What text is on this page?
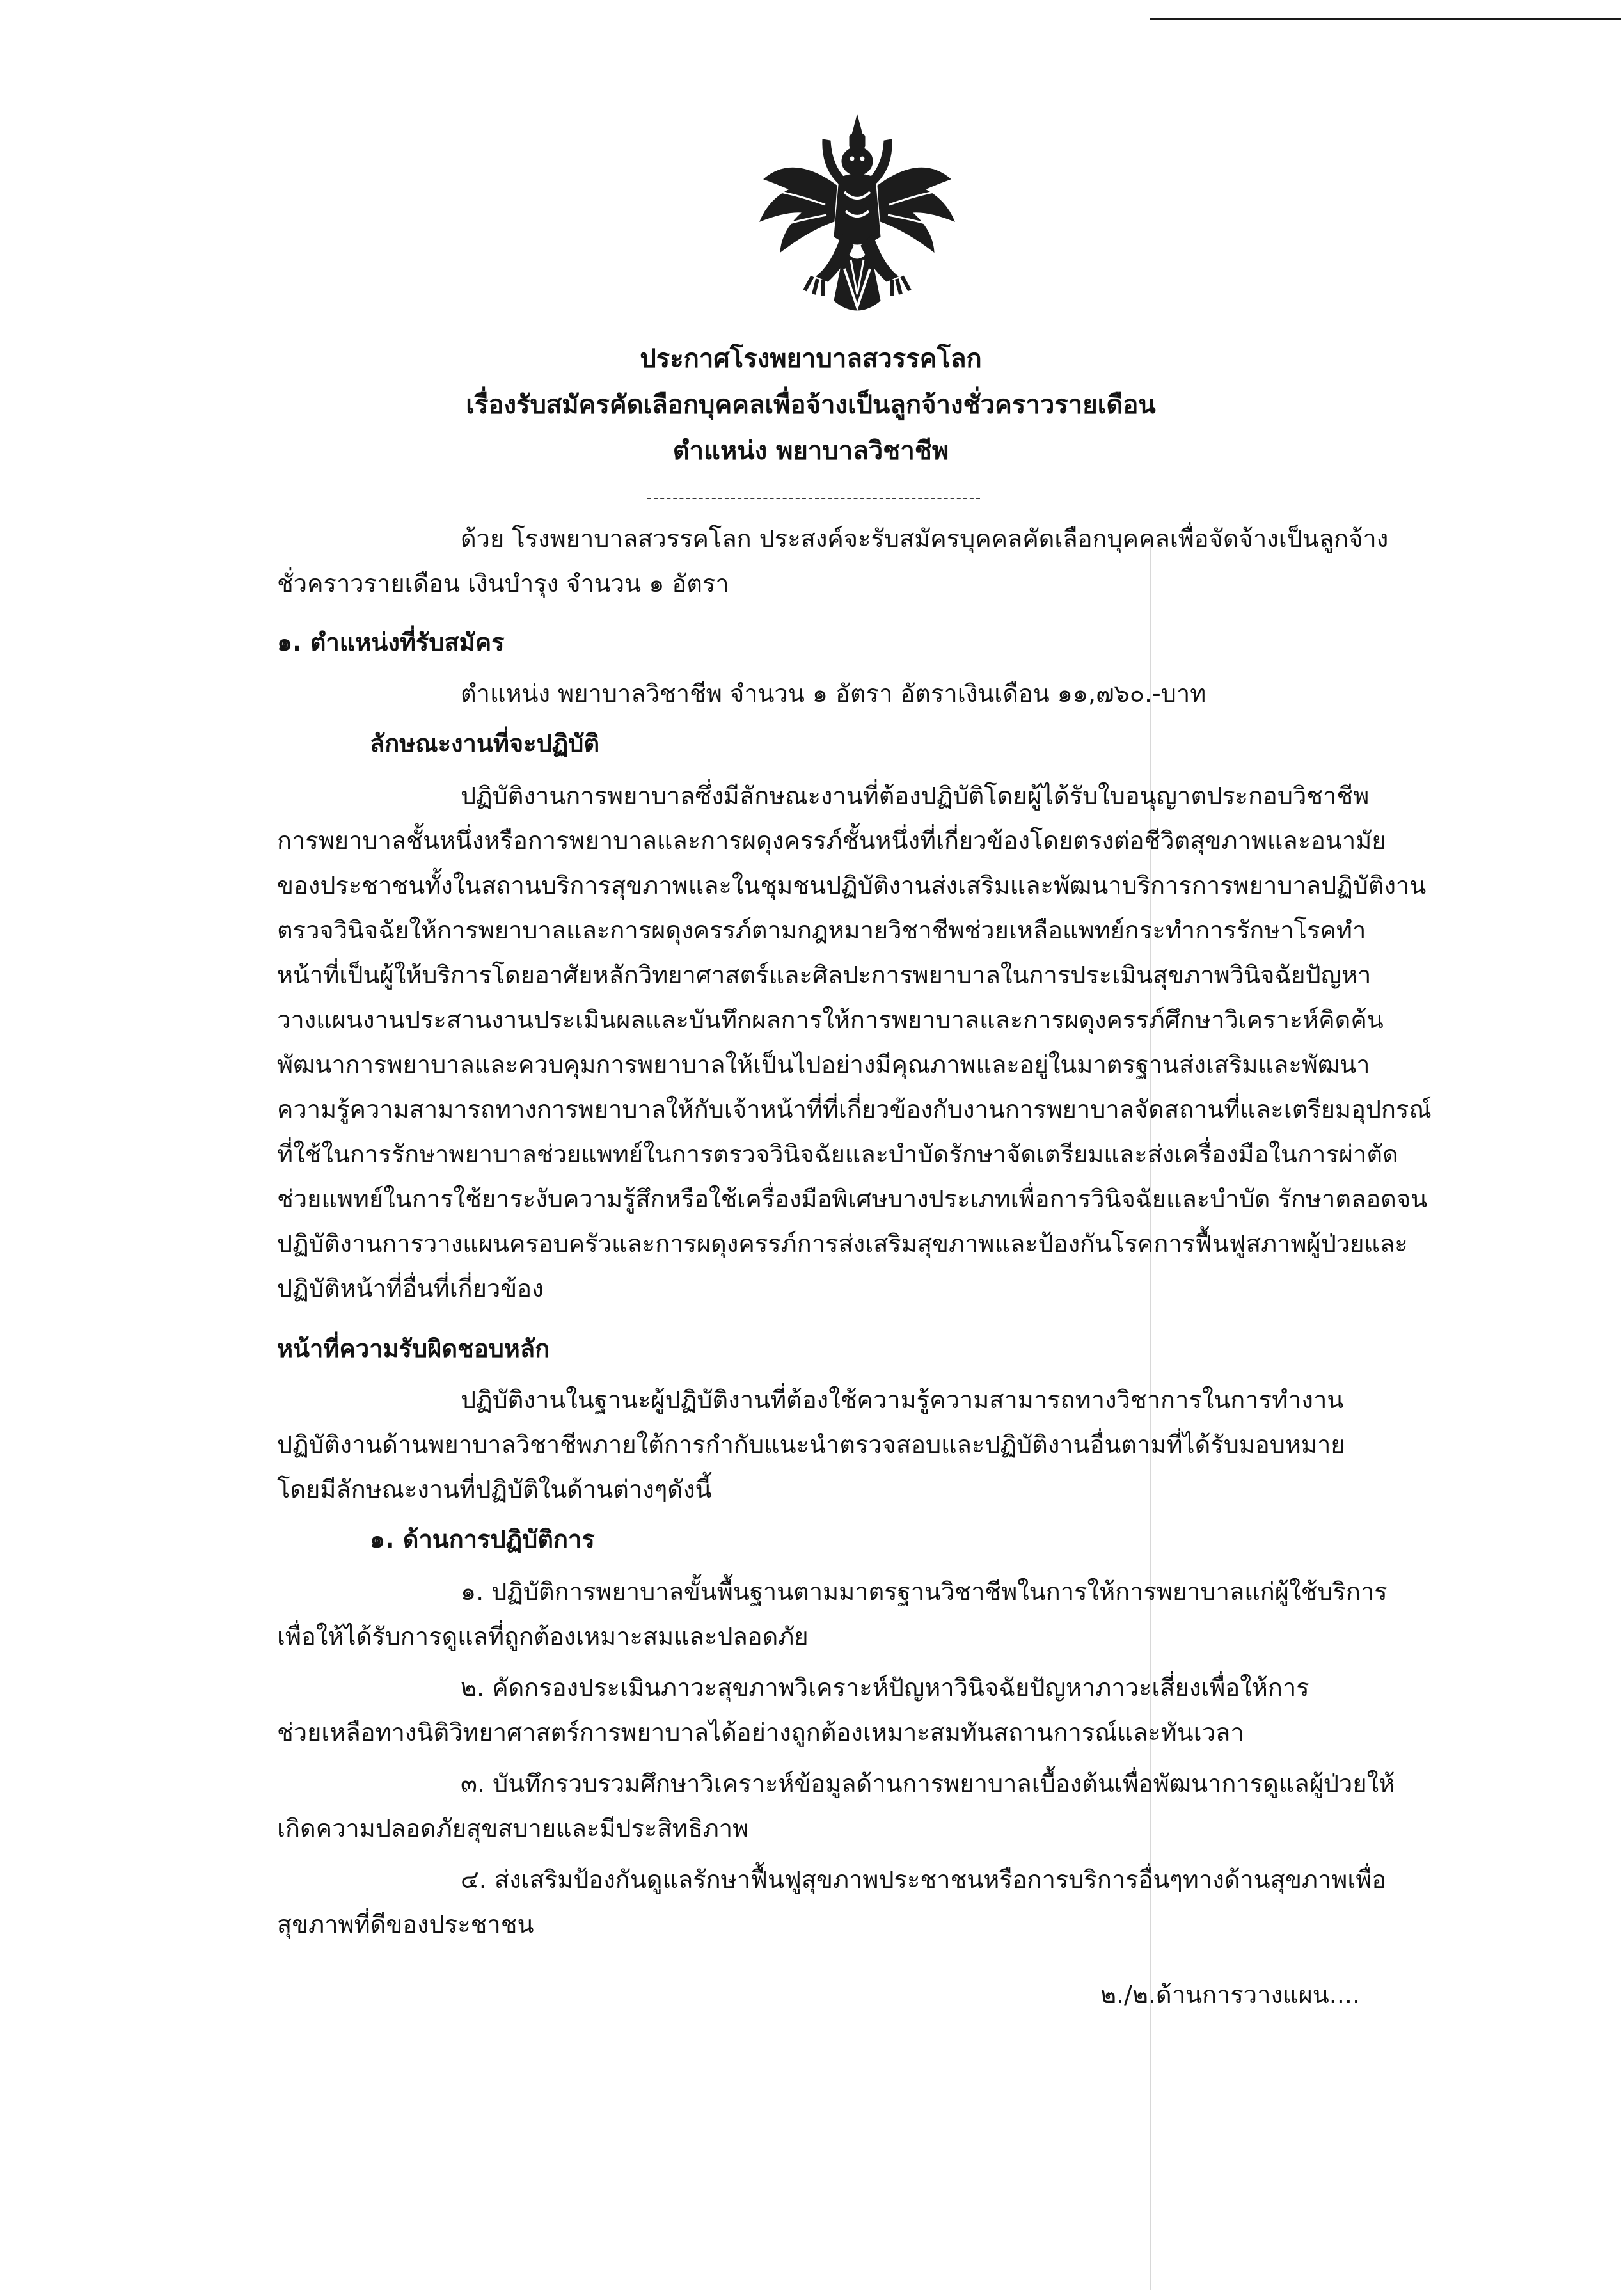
ประกาศโรงพยาบาลสวรรคโลก
เรื่องรับสมัครคัดเลือกบุคคลเพื่อจ้างเป็นลูกจ้างชั่วคราวรายเดือน
ตำแหน่ง พยาบาลวิชาชีพ
ด้วย โรงพยาบาลสวรรคโลก ประสงค์จะรับสมัครบุคคลคัดเลือกบุคคลเพื่อจัดจ้างเป็นลูกจ้าง
ชั่วคราวรายเดือน เงินบำรุง จำนวน ๑ อัตรา
๑. ตำแหน่งที่รับสมัคร
ตำแหน่ง พยาบาลวิชาชีพ จำนวน ๑ อัตรา อัตราเงินเดือน ๑๑,๗๖๐.-บาท
ลักษณะงานที่จะปฏิบัติ
ปฏิบัติงานการพยาบาลซึ่งมีลักษณะงานที่ต้องปฏิบัติโดยผู้ได้รับใบอนุญาตประกอบวิชาชีพ
การพยาบาลชั้นหนึ่งหรือการพยาบาลและการผดุงครรภ์ชั้นหนึ่งที่เกี่ยวข้องโดยตรงต่อชีวิตสุขภาพและอนามัย
ของประชาชนทั้งในสถานบริการสุขภาพและในชุมชนปฏิบัติงานส่งเสริมและพัฒนาบริการการพยาบาลปฏิบัติงาน
ตรวจวินิจฉัยให้การพยาบาลและการผดุงครรภ์ตามกฎหมายวิชาชีพช่วยเหลือแพทย์กระทำการรักษาโรคทำ
หน้าที่เป็นผู้ให้บริการโดยอาศัยหลักวิทยาศาสตร์และศิลปะการพยาบาลในการประเมินสุขภาพวินิจฉัยปัญหา
วางแผนงานประสานงานประเมินผลและบันทึกผลการให้การพยาบาลและการผดุงครรภ์ศึกษาวิเคราะห์คิดค้น
พัฒนาการพยาบาลและควบคุมการพยาบาลให้เป็นไปอย่างมีคุณภาพและอยู่ในมาตรฐานส่งเสริมและพัฒนา
ความรู้ความสามารถทางการพยาบาลให้กับเจ้าหน้าที่ที่เกี่ยวข้องกับงานการพยาบาลจัดสถานที่และเตรียมอุปกรณ์
ที่ใช้ในการรักษาพยาบาลช่วยแพทย์ในการตรวจวินิจฉัยและบำบัดรักษาจัดเตรียมและส่งเครื่องมือในการผ่าตัด
ช่วยแพทย์ในการใช้ยาระงับความรู้สึกหรือใช้เครื่องมือพิเศษบางประเภทเพื่อการวินิจฉัยและบำบัด รักษาตลอดจน
ปฏิบัติงานการวางแผนครอบครัวและการผดุงครรภ์การส่งเสริมสุขภาพและป้องกันโรคการฟื้นฟูสภาพผู้ป่วยและ
ปฏิบัติหน้าที่อื่นที่เกี่ยวข้อง
หน้าที่ความรับผิดชอบหลัก
ปฏิบัติงานในฐานะผู้ปฏิบัติงานที่ต้องใช้ความรู้ความสามารถทางวิชาการในการทำงาน
ปฏิบัติงานด้านพยาบาลวิชาชีพภายใต้การกำกับแนะนำตรวจสอบและปฏิบัติงานอื่นตามที่ได้รับมอบหมาย
โดยมีลักษณะงานที่ปฏิบัติในด้านต่างๆดังนี้
๑. ด้านการปฏิบัติการ
๑. ปฏิบัติการพยาบาลขั้นพื้นฐานตามมาตรฐานวิชาชีพในการให้การพยาบาลแก่ผู้ใช้บริการ
เพื่อให้ได้รับการดูแลที่ถูกต้องเหมาะสมและปลอดภัย
๒. คัดกรองประเมินภาวะสุขภาพวิเคราะห์ปัญหาวินิจฉัยปัญหาภาวะเสี่ยงเพื่อให้การ
ช่วยเหลือทางนิติวิทยาศาสตร์การพยาบาลได้อย่างถูกต้องเหมาะสมทันสถานการณ์และทันเวลา
๓. บันทึกรวบรวมศึกษาวิเคราะห์ข้อมูลด้านการพยาบาลเบื้องต้นเพื่อพัฒนาการดูแลผู้ป่วยให้
เกิดความปลอดภัยสุขสบายและมีประสิทธิภาพ
๔. ส่งเสริมป้องกันดูแลรักษาฟื้นฟูสุขภาพประชาชนหรือการบริการอื่นๆทางด้านสุขภาพเพื่อ
สุขภาพที่ดีของประชาชน
๒./๒.ด้านการวางแผน....
